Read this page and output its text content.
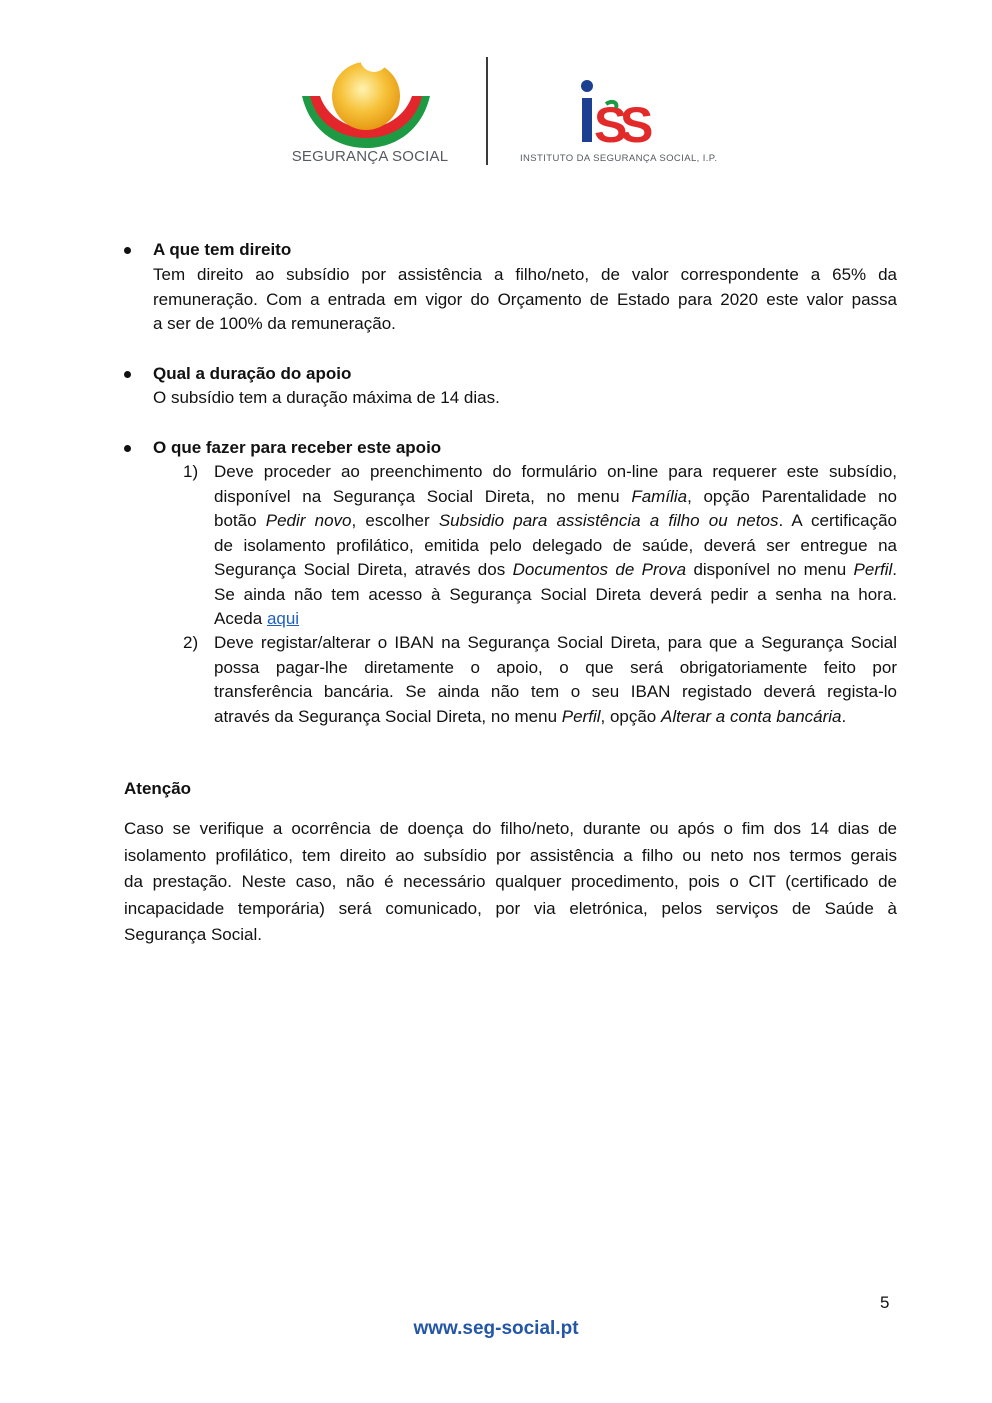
SEGURANÇA SOCIAL
S
S
INSTITUTO DA SEGURANÇA SOCIAL, I.P.
A que tem direito
Tem direito ao subsídio por assistência a filho/neto, de valor correspondente a 65% da
remuneração. Com a entrada em vigor do Orçamento de Estado para 2020 este valor passa
a ser de 100% da remuneração.
Qual a duração do apoio
O subsídio tem a duração máxima de 14 dias.
O que fazer para receber este apoio
1) Deve proceder ao preenchimento do formulário on-line para requerer este subsídio,
disponível na Segurança Social Direta, no menu Família, opção Parentalidade no
botão Pedir novo, escolher Subsidio para assistência a filho ou netos. A certificação
de isolamento profilático, emitida pelo delegado de saúde, deverá ser entregue na
Segurança Social Direta, através dos Documentos de Prova disponível no menu Perfil.
Se ainda não tem acesso à Segurança Social Direta deverá pedir a senha na hora.
Aceda aqui
2) Deve registar/alterar o IBAN na Segurança Social Direta, para que a Segurança Social
possa pagar-lhe diretamente o apoio, o que será obrigatoriamente feito por
transferência bancária. Se ainda não tem o seu IBAN registado deverá regista-lo
através da Segurança Social Direta, no menu Perfil, opção Alterar a conta bancária.
Atenção
Caso se verifique a ocorrência de doença do filho/neto, durante ou após o fim dos 14 dias de
isolamento profilático, tem direito ao subsídio por assistência a filho ou neto nos termos gerais
da prestação. Neste caso, não é necessário qualquer procedimento, pois o CIT (certificado de
incapacidade temporária) será comunicado, por via eletrónica, pelos serviços de Saúde à
Segurança Social.
5
www.seg-social.pt
